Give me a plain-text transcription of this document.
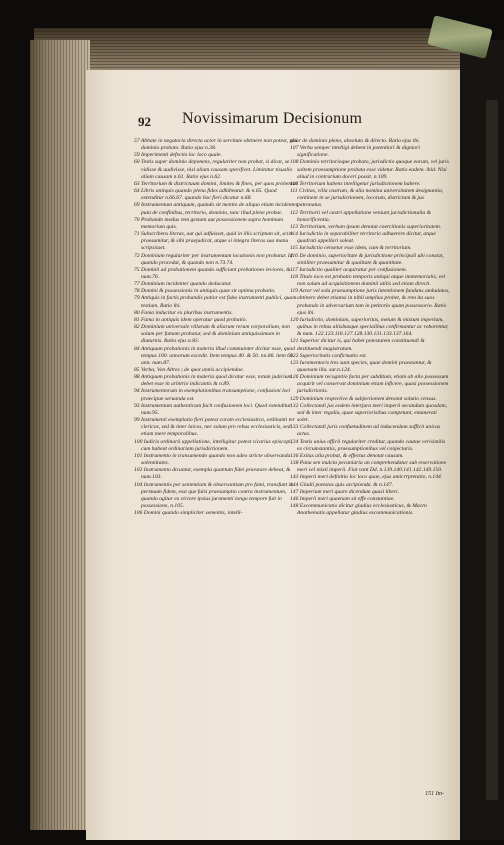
92 Novissimarum Decisionum
57 Abbate in negatoria directa actor in servitute obtinere non potest, nisi dominio probato. Ratio ejus n.38.
59 Imperimenti defectio loc loco quale.
60 Testis super dominio deponens, regulariter non probat, si dicat, se vidisse & audivisse, nisi aliam causam specificet. Limitatur tisualio aliam causam n.61. Ratio ejus n.62.
63 Territorium & districtuum domini, limites & fines, per quos probentur.
64 Libris antiquis quando plena fides adhibeatur. & n.65. Quod extenditur n.66.67. quando hoc fieri dicatur n.68.
69 Instrumentum antiquum, quando sit mentio de aliquo etiam incidenter, puta de confinibus, territorio, dominio, tunc illud plene probat.
70 Probando modus rem gestam aut possessionem supra hominum memoriam quis.
71 Subscribens literas, aut qui adfuisset, quid in illis scriptum sit, scire praesumitur, & sibi praejudicat, atque si integra literas sua manu scripsisset.
72 Dominium regulariter per instrumentum locationis non probatur. Id quando procedat, & quando non n.73.74.
75 Dominii ad probationem quando sufficiant probationes leviores, & num.76.
77 Dominium incidenter quando deducatur.
78 Domini & possessionis in antiquis quae sit optima probatio.
79 Antiquis in factis probandis potior est fides instrumenti publici, quam testium. Ratio ibi.
80 Fama inducitur ex pluribus instrumentis.
81 Fama in antiquis idem operatur quod probatio.
82 Dominium universale villarum & aliarum rerum corporalium, non solum per famam probatur, sed & dominium antiquissimum in diuturnis. Ratio ejus n.83.
84 Antiquum probationis in materia illud commuinter dicitur esse, quod tempus 100. annorum excedit. Item tempus 40. & 50. nn.86. item 60. ann. num.87.
85 Verba, Von Altres | de quot annis accipiendae.
88 Antiquum probationis in materia quod dicatur esse, totum judicium debet esse in arbitrio indicantis & n.89.
94 Instrumentorum in exemplationibus transumptione, confusioni loci praecipue seruanda est.
93 Instrumentum authenticum facit confusionem loci. Quod extenditur num.95.
99 Instrumenti exemplatio fieri potest coram ecclesiastico, ordinanti ter clericos, sed & inter laicos, nec solum pro rebus ecclesiasticis, sed etiam mere temporalibus.
100 Iudicis ordinarii appellatione, intelligitur potest vicarius episcopi, cum habeat ordinariam jurisdictionem.
101 Instrumento in transumendo quando non adeo stricte observanda solennitates.
102 Instrumento dicuntur, exempla quantum fidei praestare debeat, & num.103.
104 Instrumentis per sententiam & observantiam pro fami, transfunt in perstuam fidem, esst que falsi praesumptio contra instrumentum, quando agitur ex victore ipsius juramenti longo tempore fuit in possessione, n.105.
106 Domini quando simpliciter sementis, intelli-
gitur de dominio pleno, absoluto & directo. Ratio ejus ibi.
107 Verba semper intelligi debent in potentiori & digniori significatione.
108 Dominio territorioque probato, jurisdictio quoque eorum, vel juris saltem praesumptione probata esse videtur. Ratio eadem. ibid. Nisi aliud in contrarium doceri possit. n.109.
110 Territorium habens intelligetur jurisdictionem habere.
111 Civitas, villa castrum, & alia nomina universitatem designantia, continent in se jurisdictionem, locorum, districtum & jus patronatus.
112 Territorii vel castri appellatione veniunt jurisdictionalia & honorificentia.
113 Territorium, verbum ipsum denotat coercitionis superioritatem.
114 Iurisdictio in separabiliter territorio adhaerere dicitur, atque quadrati appellari soleat.
115 Iurisdictio censetur esse idem, cum & territorium.
116 De dominio, superioritate & jurisdictione principali ubi constat, similiter praesumitur & qualitate & quantitate.
117 Iurisdictio qualiter acquiratur per confusionem.
118 Titulo loco est probatio temporis antiqui atque immemorialis, vel non solum ad acquisitionem dominii utilis sed etiam directi.
119 Actor vel sola praesumptione juris intentionem fundans ambulatos, obtinere debet etiamsi in nihil amplius probet, & rem ita suos probando in adversarium tam in petitorio quam possessorio. Ratio ejus ibi.
120 Iurisdictio, dominium, superioritas, metum & mixtum imperium, quibus in rebus aliisbusque specialibus confirmantur ac roborentur, & num. 122.123.116.127.128.130.131.133.137.164.
121 Superior dicitur is, qui habet potestatem constituendi & destituendi magistratum.
122 Superioritatis confirmatio est.
123 Iuramentoris tres sunt species, quae domini praestantur, & quaenam illa. sur.n.124.
126 Dominium recognitio facta per subditum, etiam ab alio possessum acquirit vel conservat dominium etiam inficere, quasi possessionem jurisdictionis.
129 Dominium respectivo & subjectionem denotat solutio census.
132 Collectandi jus eodem interjura meri imperii secundum quosdam, sed & inter regalia, quae superiorisibus competunt, enumerati solet.
133 Collectandi juris confuetudinem ad inducendam sufficit unicus actus.
134 Testis unius officii regulariter creditur, quando cautae verisimilis ex circumstantiis, praesumptionibus vel conjecturis.
136 Exitus alla probat, & effectus denotat causam.
138 Pana sen mulcta pecuniaria an comprehendatur sub reservatione meri vel mixti imperii. Fiat vant Dd. n.139.140.141.142.149.150.
143 Imperii meri definitio loc loco quae, ejus amicrrpretatio, n.144.
144 Gladii potestas quis accipienda. & n.147.
147 Imperium meri quare dicendum quasi liberi.
146 Imperii meri quaenam sit effe constantiae.
148 Excommunicatio dicitur gladius ecclesiasticus, & Macro Anathematis appellatur gladius excommunicationis.
151 Im-
